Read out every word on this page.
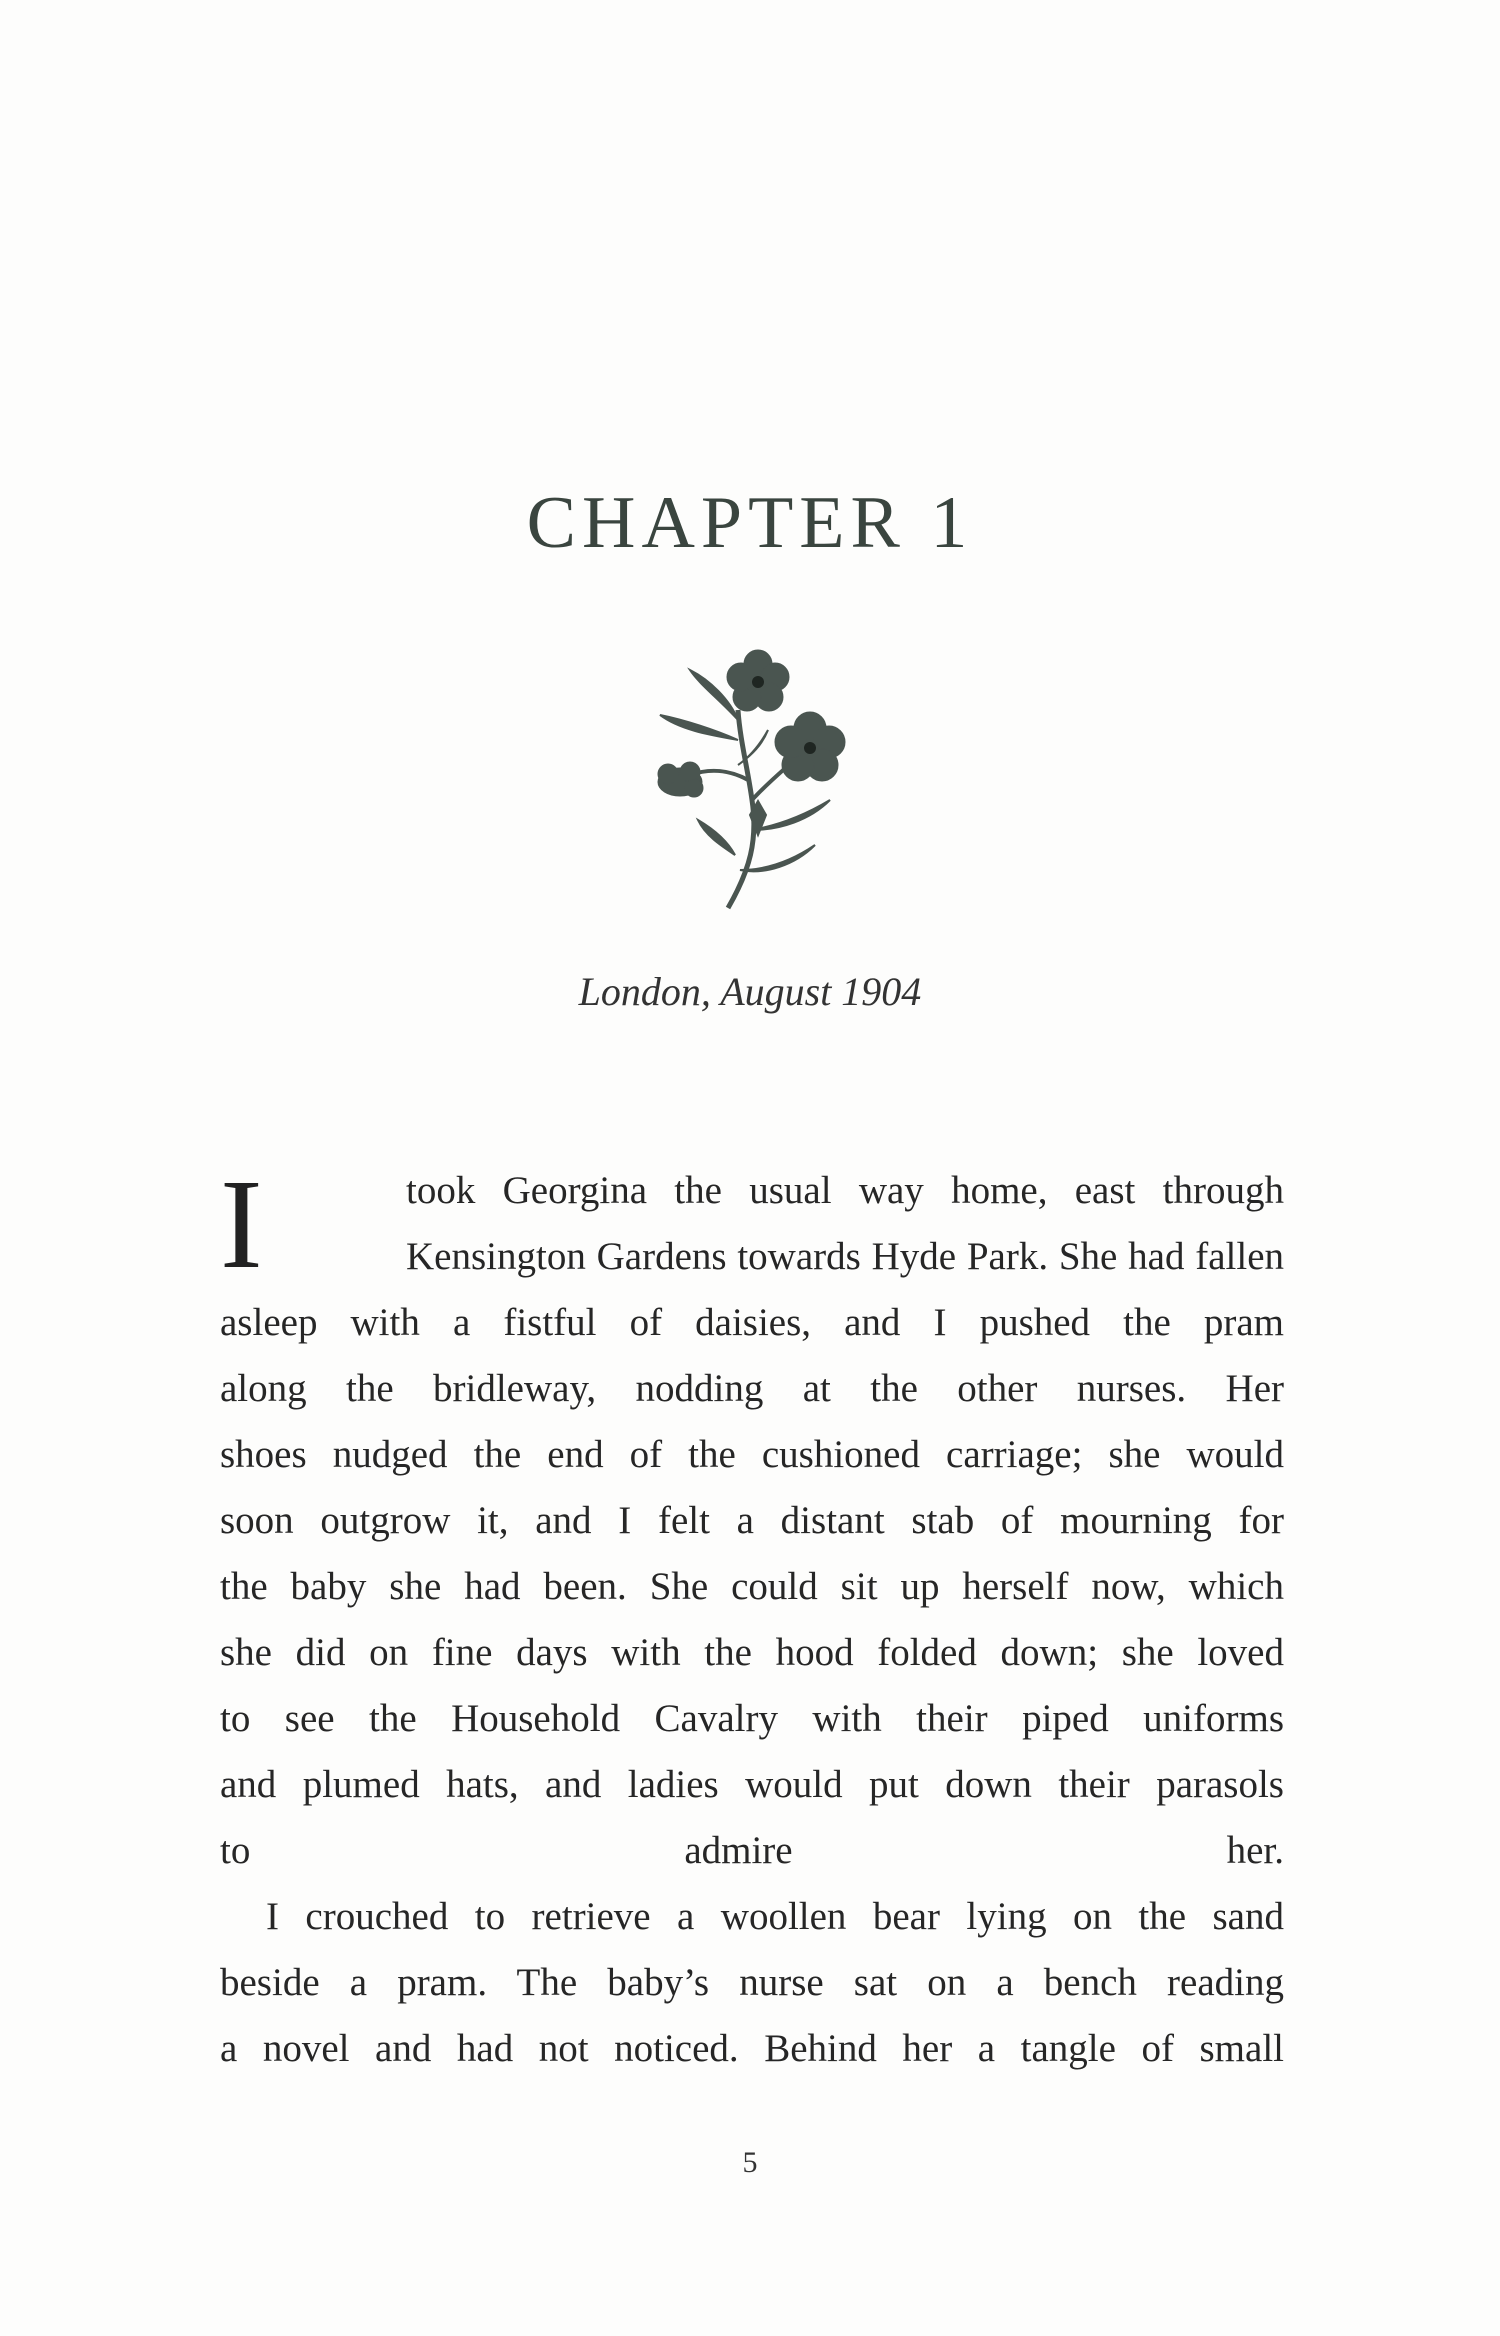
CHAPTER 1
London, August 1904
I	took Georgina the usual way home, east through
Kensington Gardens towards Hyde Park. She had fallen
asleep with a fistful of daisies, and I pushed the pram
along the bridleway, nodding at the other nurses. Her
shoes nudged the end of the cushioned carriage; she would
soon outgrow it, and I felt a distant stab of mourning for
the baby she had been. She could sit up herself now, which
she did on fine days with the hood folded down; she loved
to see the Household Cavalry with their piped uniforms
and plumed hats, and ladies would put down their parasols
to admire her.

I crouched to retrieve a woollen bear lying on the sand
beside a pram. The baby’s nurse sat on a bench reading
a novel and had not noticed. Behind her a tangle of small

5
